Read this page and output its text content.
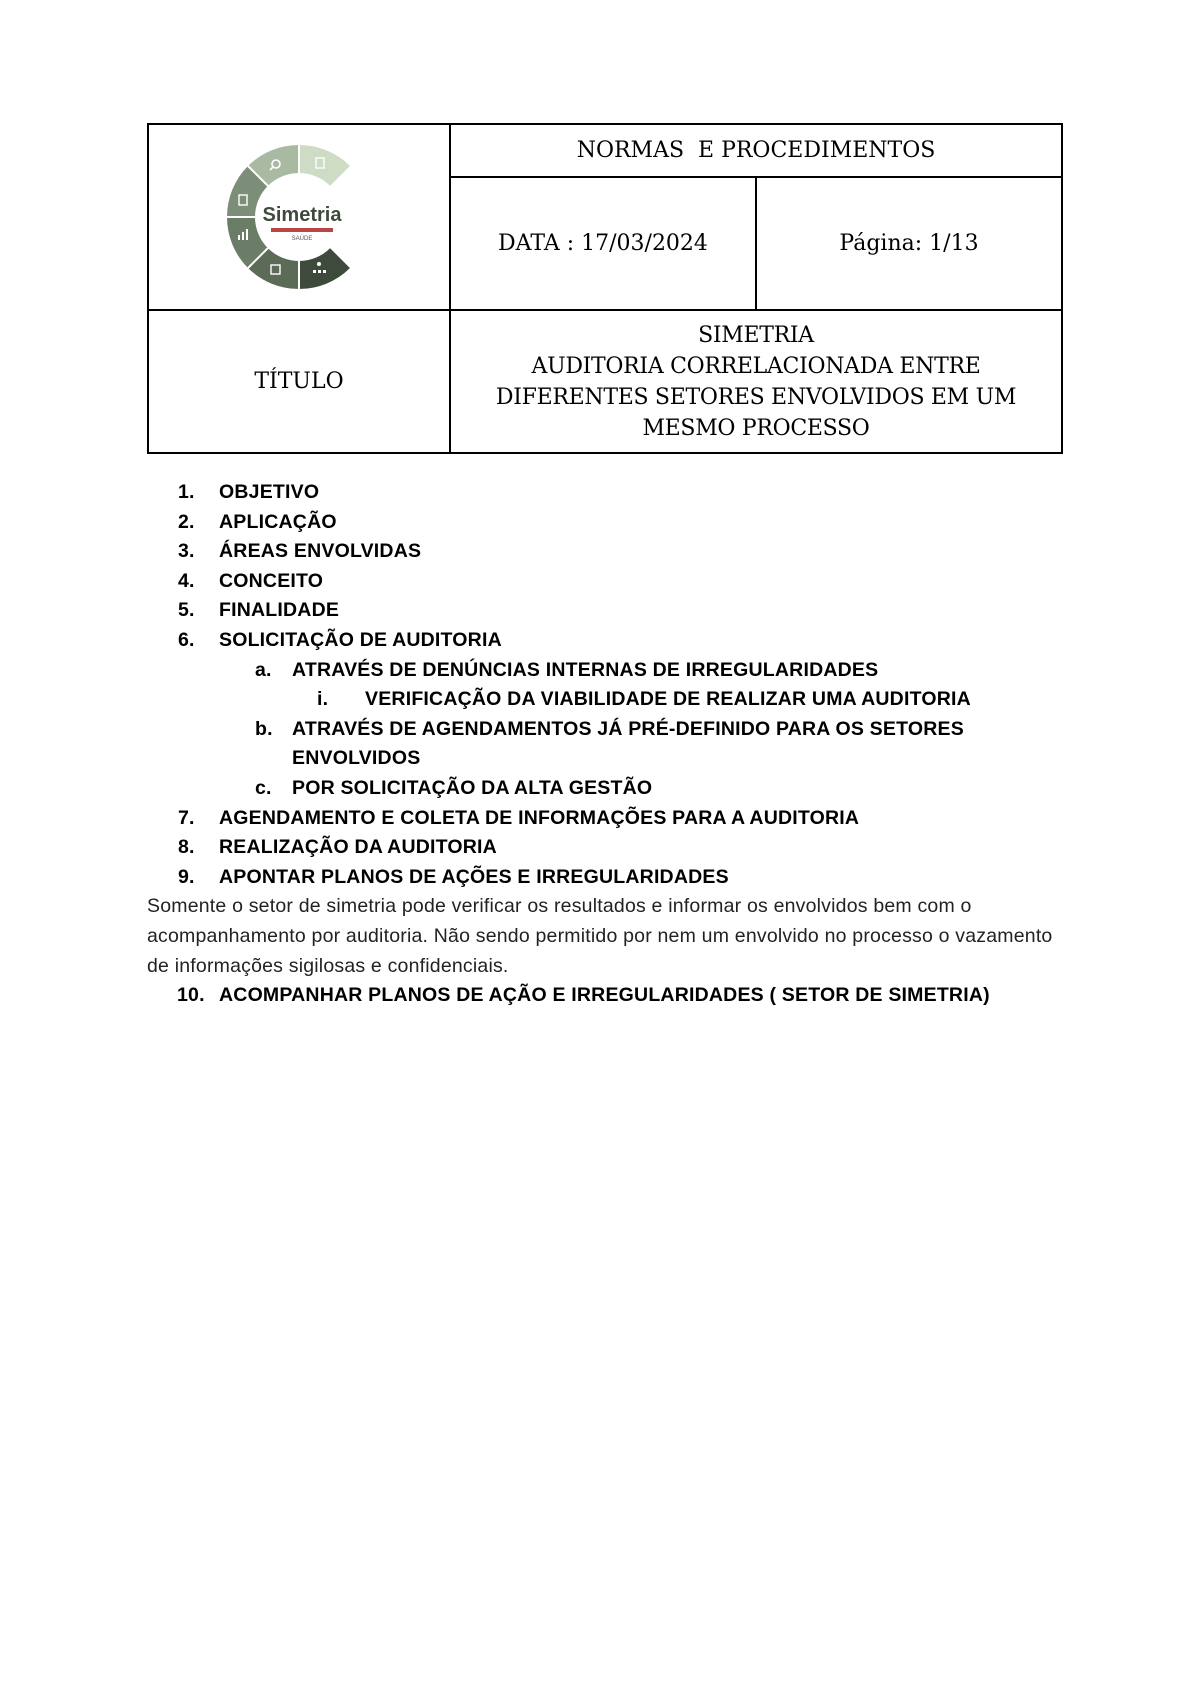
Simetria
SAÚDE	NORMAS  E PROCEDIMENTOS	
	DATA : 17/03/2024	Página: 1/13
TÍTULO	SIMETRIA
AUDITORIA CORRELACIONADA ENTRE
DIFERENTES SETORES ENVOLVIDOS EM UM
MESMO PROCESSO	
1. OBJETIVO
2. APLICAÇÃO
3. ÁREAS ENVOLVIDAS
4. CONCEITO
5. FINALIDADE
6. SOLICITAÇÃO DE AUDITORIA
a. ATRAVÉS DE DENÚNCIAS INTERNAS DE IRREGULARIDADES
i. VERIFICAÇÃO DA VIABILIDADE DE REALIZAR UMA AUDITORIA
b. ATRAVÉS DE AGENDAMENTOS JÁ PRÉ-DEFINIDO PARA OS SETORES ENVOLVIDOS
c. POR SOLICITAÇÃO DA ALTA GESTÃO
7. AGENDAMENTO E COLETA DE INFORMAÇÕES PARA A AUDITORIA
8. REALIZAÇÃO DA AUDITORIA
9. APONTAR PLANOS DE AÇÕES E IRREGULARIDADES
Somente o setor de simetria pode verificar os resultados e informar os envolvidos bem com o acompanhamento por auditoria. Não sendo permitido por nem um envolvido no processo o vazamento de informações sigilosas e confidenciais.
10. ACOMPANHAR PLANOS DE AÇÃO E IRREGULARIDADES ( SETOR DE SIMETRIA)
